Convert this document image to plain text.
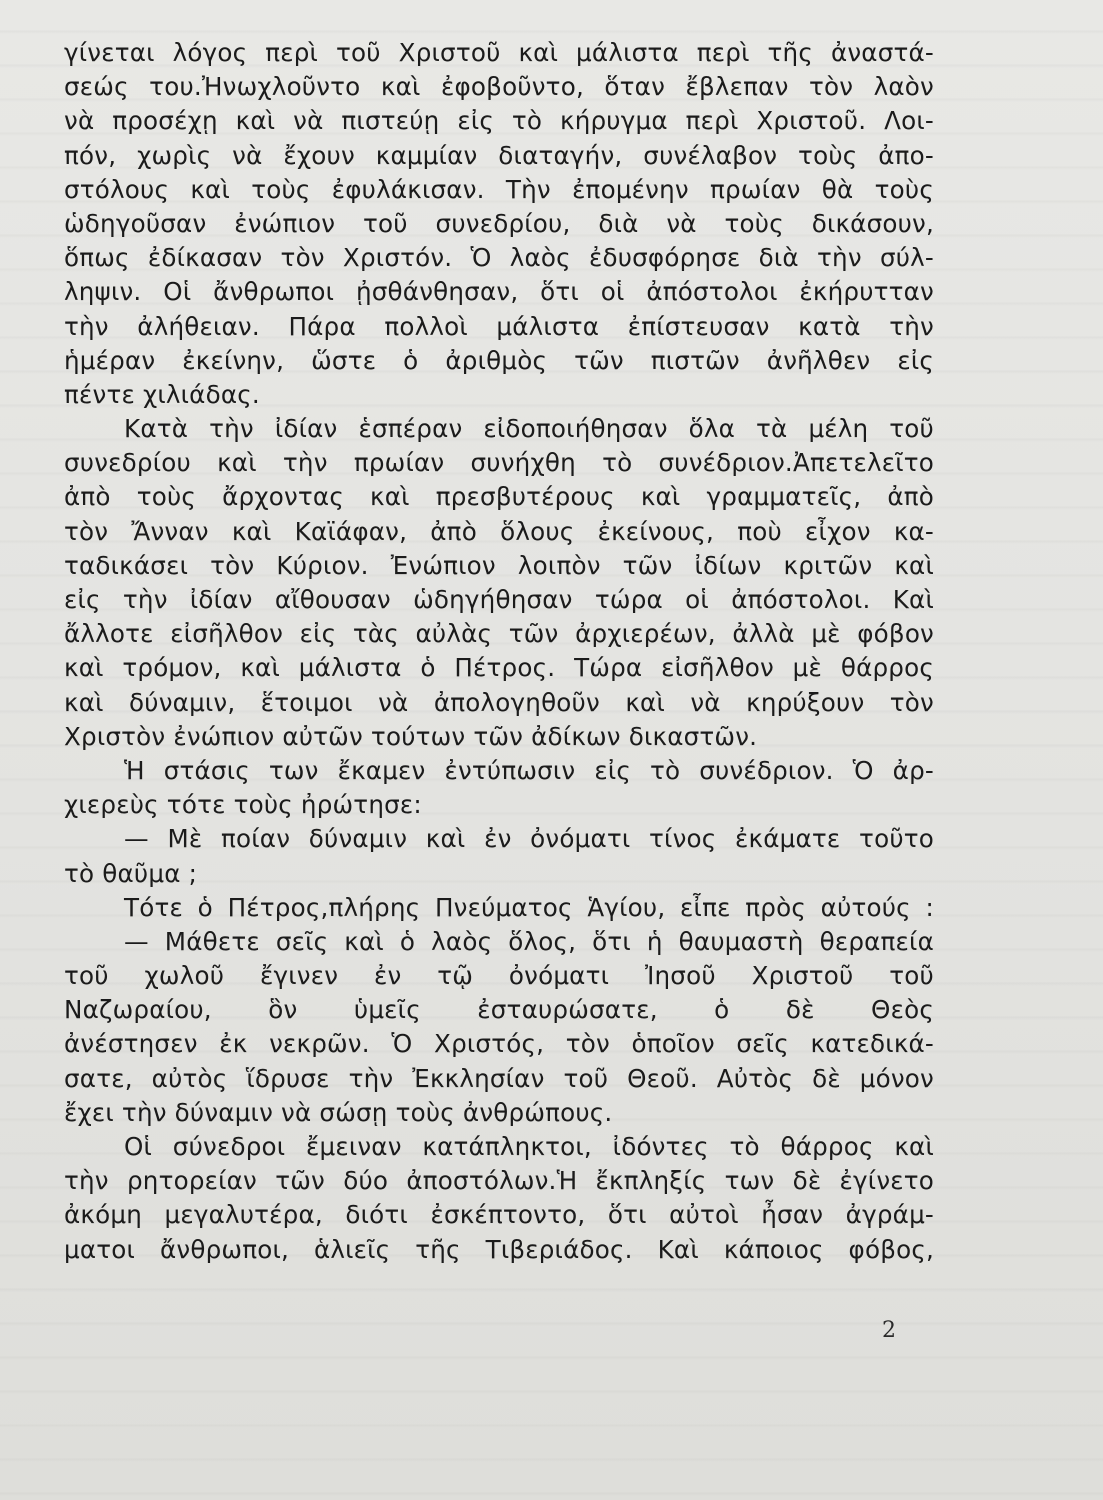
γίνεται λόγος περὶ τοῦ Χριστοῦ καὶ μάλιστα περὶ τῆς ἀναστά-
σεώς του.Ἠνωχλοῦντο καὶ ἐφοβοῦντο, ὅταν ἔβλεπαν τὸν λαὸν
νὰ προσέχῃ καὶ νὰ πιστεύῃ εἰς τὸ κήρυγμα περὶ Χριστοῦ. Λοι-
πόν, χωρὶς νὰ ἔχουν καμμίαν διαταγήν, συνέλαβον τοὺς ἀπο-
στόλους καὶ τοὺς ἐφυλάκισαν. Τὴν ἐπομένην πρωίαν θὰ τοὺς
ὡδηγοῦσαν ἐνώπιον τοῦ συνεδρίου, διὰ νὰ τοὺς δικάσουν,
ὅπως ἐδίκασαν τὸν Χριστόν. Ὁ λαὸς ἐδυσφόρησε διὰ τὴν σύλ-
ληψιν. Οἱ ἄνθρωποι ᾐσθάνθησαν, ὅτι οἱ ἀπόστολοι ἐκήρυτταν
τὴν ἀλήθειαν. Πάρα πολλοὶ μάλιστα ἐπίστευσαν κατὰ τὴν
ἡμέραν ἐκείνην, ὥστε ὁ ἀριθμὸς τῶν πιστῶν ἀνῆλθεν εἰς
πέντε χιλιάδας.
Κατὰ τὴν ἰδίαν ἑσπέραν εἰδοποιήθησαν ὅλα τὰ μέλη τοῦ
συνεδρίου καὶ τὴν πρωίαν συνήχθη τὸ συνέδριον.Ἀπετελεῖτο
ἀπὸ τοὺς ἄρχοντας καὶ πρεσβυτέρους καὶ γραμματεῖς, ἀπὸ
τὸν Ἄνναν καὶ Καϊάφαν, ἀπὸ ὅλους ἐκείνους, ποὺ εἶχον κα-
ταδικάσει τὸν Κύριον. Ἐνώπιον λοιπὸν τῶν ἰδίων κριτῶν καὶ
εἰς τὴν ἰδίαν αἴθουσαν ὡδηγήθησαν τώρα οἱ ἀπόστολοι. Καὶ
ἄλλοτε εἰσῆλθον εἰς τὰς αὐλὰς τῶν ἀρχιερέων, ἀλλὰ μὲ φόβον
καὶ τρόμον, καὶ μάλιστα ὁ Πέτρος. Τώρα εἰσῆλθον μὲ θάρρος
καὶ δύναμιν, ἕτοιμοι νὰ ἀπολογηθοῦν καὶ νὰ κηρύξουν τὸν
Χριστὸν ἐνώπιον αὐτῶν τούτων τῶν ἀδίκων δικαστῶν.
Ἡ στάσις των ἔκαμεν ἐντύπωσιν εἰς τὸ συνέδριον. Ὁ ἀρ-
χιερεὺς τότε τοὺς ἠρώτησε:
— Μὲ ποίαν δύναμιν καὶ ἐν ὀνόματι τίνος ἐκάματε τοῦτο
τὸ θαῦμα ;
Τότε ὁ Πέτρος,πλήρης Πνεύματος Ἁγίου, εἶπε πρὸς αὐτούς :
— Μάθετε σεῖς καὶ ὁ λαὸς ὅλος, ὅτι ἡ θαυμαστὴ θεραπεία
τοῦ χωλοῦ ἔγινεν ἐν τῷ ὀνόματι Ἰησοῦ Χριστοῦ τοῦ
Ναζωραίου, ὃν ὑμεῖς ἐσταυρώσατε, ὁ δὲ Θεὸς
ἀνέστησεν ἐκ νεκρῶν. Ὁ Χριστός, τὸν ὁποῖον σεῖς κατεδικά-
σατε, αὐτὸς ἵδρυσε τὴν Ἐκκλησίαν τοῦ Θεοῦ. Αὐτὸς δὲ μόνον
ἔχει τὴν δύναμιν νὰ σώσῃ τοὺς ἀνθρώπους.
Οἱ σύνεδροι ἔμειναν κατάπληκτοι, ἰδόντες τὸ θάρρος καὶ
τὴν ρητορείαν τῶν δύο ἀποστόλων.Ἡ ἔκπληξίς των δὲ ἐγίνετο
ἀκόμη μεγαλυτέρα, διότι ἐσκέπτοντο, ὅτι αὐτοὶ ἦσαν ἀγράμ-
ματοι ἄνθρωποι, ἁλιεῖς τῆς Τιβεριάδος. Καὶ κάποιος φόβος,
2
